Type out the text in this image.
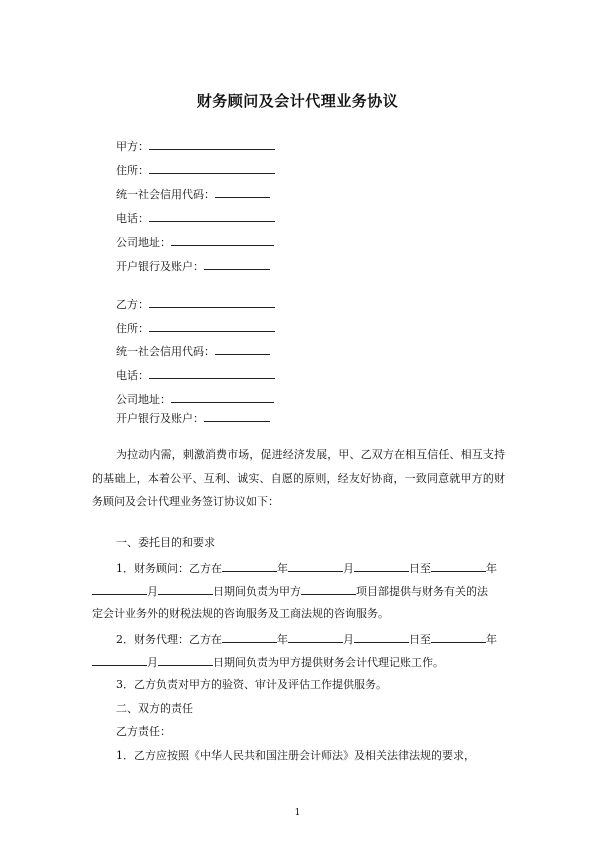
财务顾问及会计代理业务协议
甲方：
住所：
统一社会信用代码：
电话：
公司地址：
开户银行及账户：
乙方：
住所：
统一社会信用代码：
电话：
公司地址：
开户银行及账户：
为拉动内需，刺激消费市场，促进经济发展，甲、乙双方在相互信任、相互支持的基础上，本着公平、互利、诚实、自愿的原则，经友好协商，一致同意就甲方的财务顾问及会计代理业务签订协议如下：
一、委托目的和要求
1．财务顾问：乙方在	年	月	日至	年
月	日期间负责为甲方	项目部提供与财务有关的法
定会计业务外的财税法规的咨询服务及工商法规的咨询服务。
2．财务代理：乙方在	年	月	日至	年
月	日期间负责为甲方提供财务会计代理记账工作。
3．乙方负责对甲方的验资、审计及评估工作提供服务。
二、双方的责任
乙方责任：
1．乙方应按照《中华人民共和国注册会计师法》及相关法律法规的要求，
1
